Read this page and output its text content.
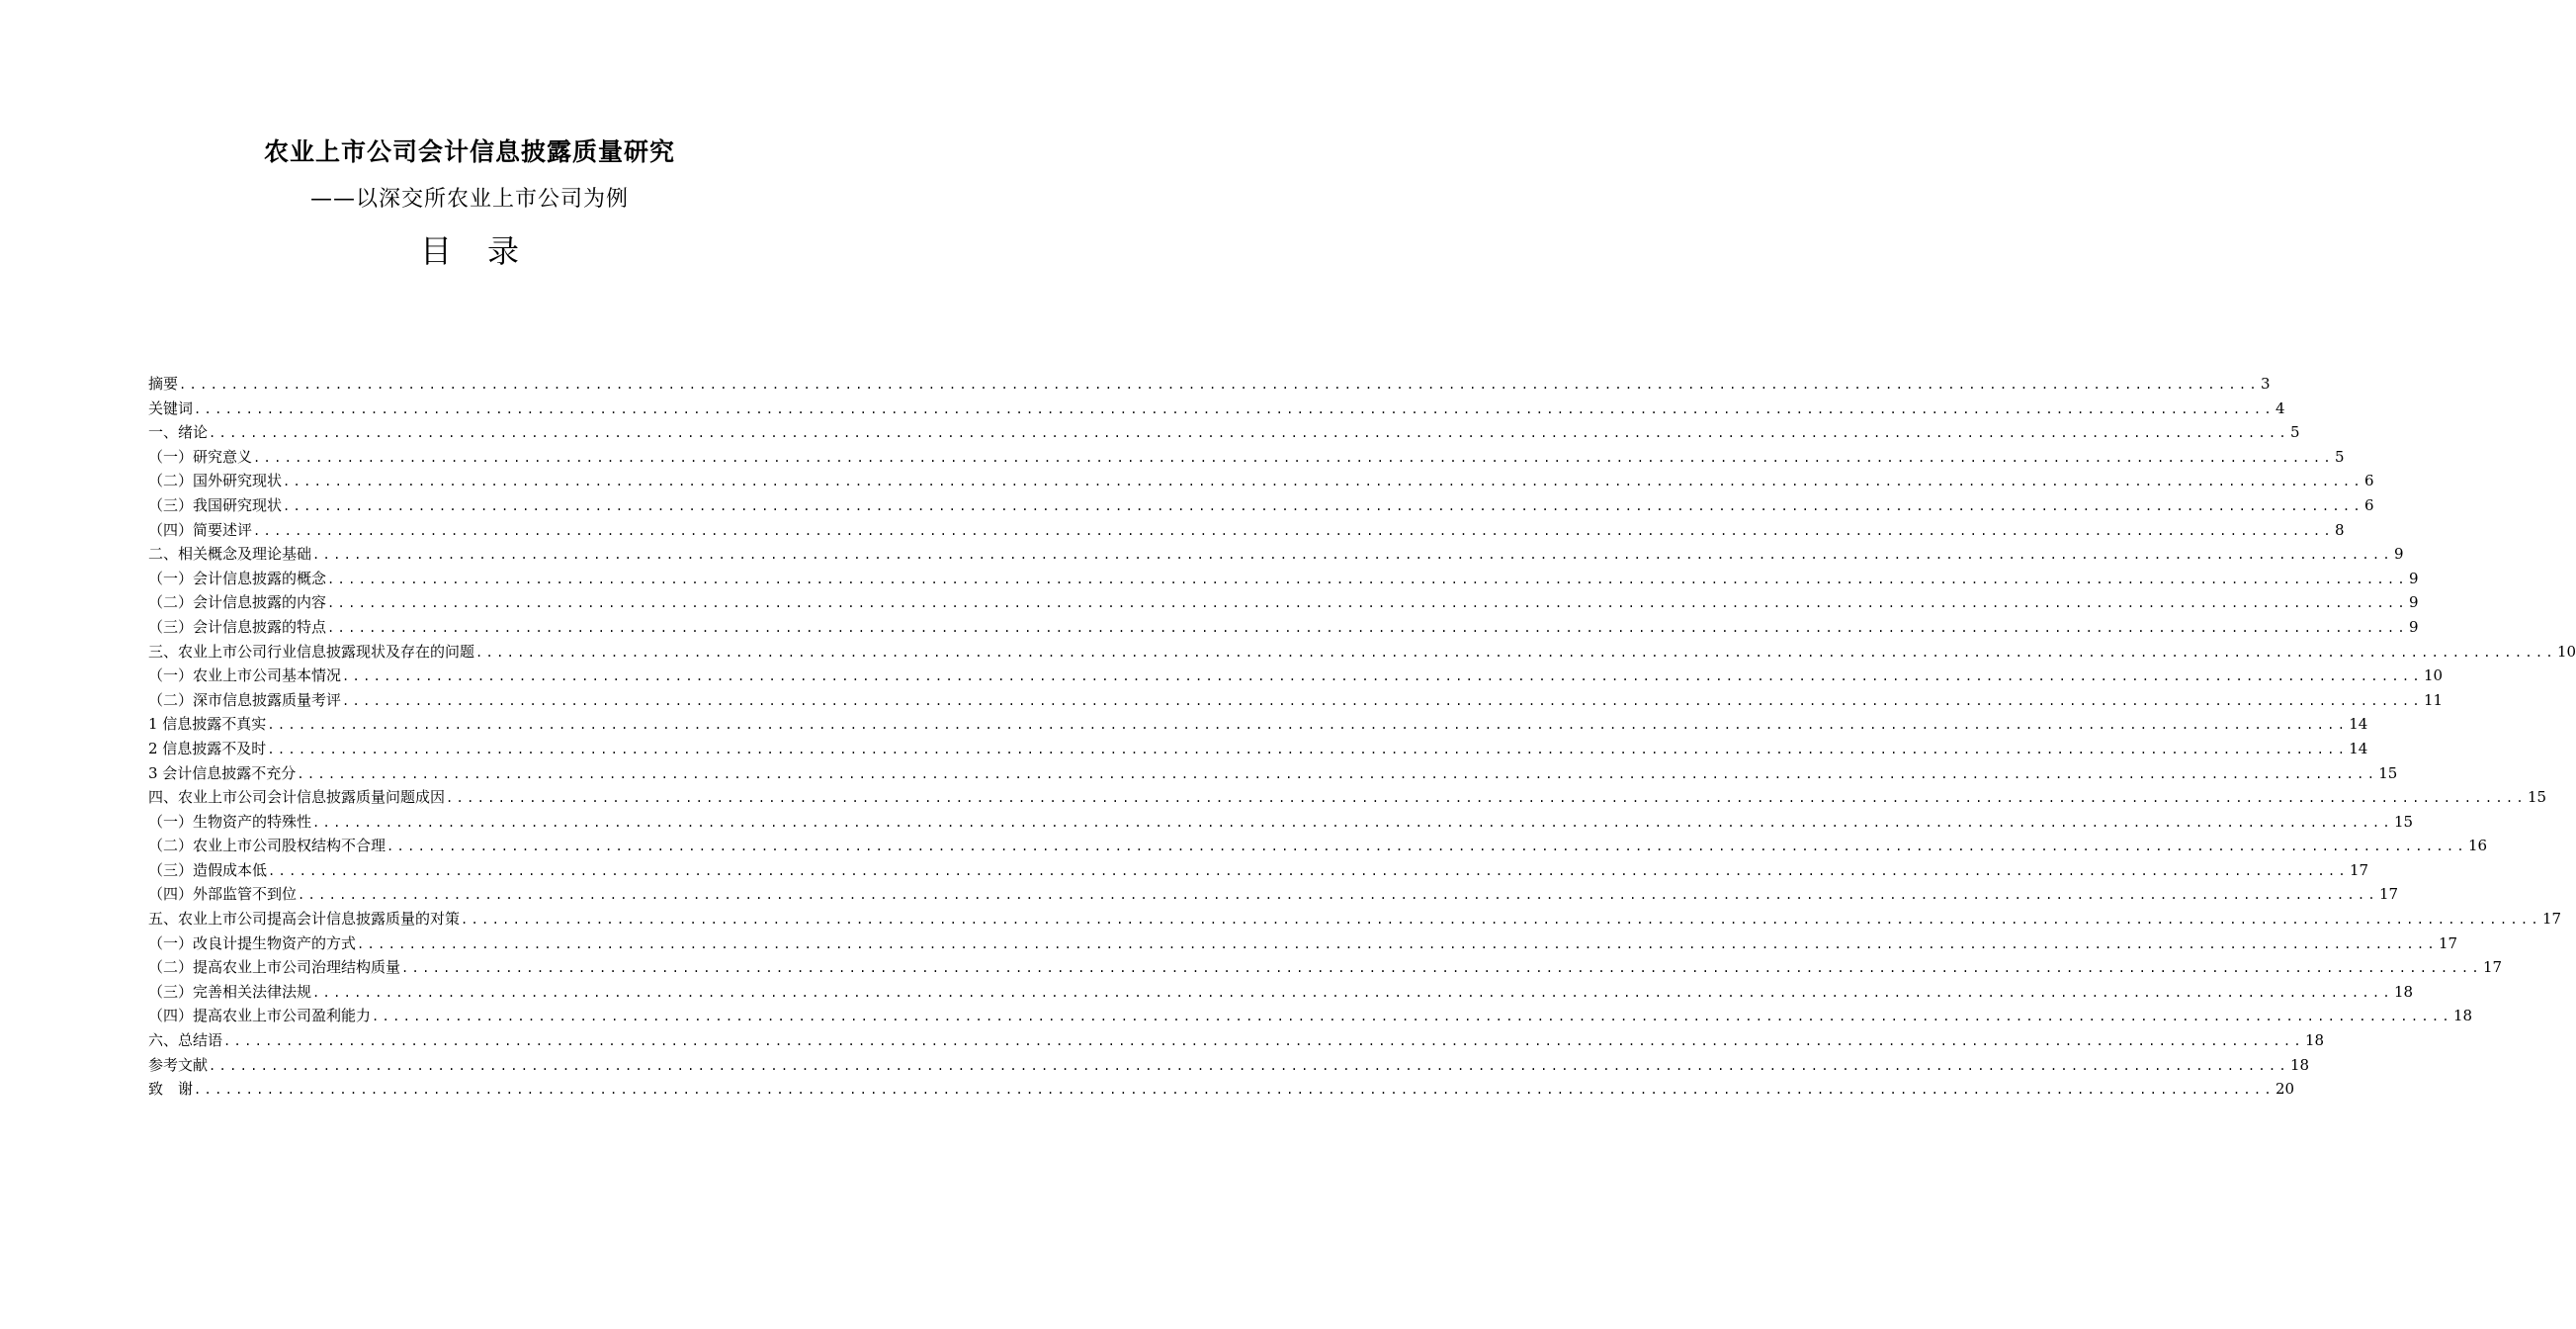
农业上市公司会计信息披露质量研究
——以深交所农业上市公司为例
目录
摘要 ........................................................................................................................................................................................................ 3
关键词 ........................................................................................................................................................................................................ 4
一、绪论 ........................................................................................................................................................................................................ 5
（一）研究意义 ........................................................................................................................................................................................................ 5
（二）国外研究现状 ........................................................................................................................................................................................................ 6
（三）我国研究现状 ........................................................................................................................................................................................................ 6
（四）简要述评 ........................................................................................................................................................................................................ 8
二、相关概念及理论基础 ........................................................................................................................................................................................................ 9
（一）会计信息披露的概念 ........................................................................................................................................................................................................ 9
（二）会计信息披露的内容 ........................................................................................................................................................................................................ 9
（三）会计信息披露的特点 ........................................................................................................................................................................................................ 9
三、农业上市公司行业信息披露现状及存在的问题 ........................................................................................................................................................................................................ 10
（一）农业上市公司基本情况 ........................................................................................................................................................................................................ 10
（二）深市信息披露质量考评 ........................................................................................................................................................................................................ 11
1 信息披露不真实 ........................................................................................................................................................................................................ 14
2 信息披露不及时 ........................................................................................................................................................................................................ 14
3 会计信息披露不充分 ........................................................................................................................................................................................................ 15
四、农业上市公司会计信息披露质量问题成因 ........................................................................................................................................................................................................ 15
（一）生物资产的特殊性 ........................................................................................................................................................................................................ 15
（二）农业上市公司股权结构不合理 ........................................................................................................................................................................................................ 16
（三）造假成本低 ........................................................................................................................................................................................................ 17
（四）外部监管不到位 ........................................................................................................................................................................................................ 17
五、农业上市公司提高会计信息披露质量的对策 ........................................................................................................................................................................................................ 17
（一）改良计提生物资产的方式 ........................................................................................................................................................................................................ 17
（二）提高农业上市公司治理结构质量 ........................................................................................................................................................................................................ 17
（三）完善相关法律法规 ........................................................................................................................................................................................................ 18
（四）提高农业上市公司盈利能力 ........................................................................................................................................................................................................ 18
六、总结语 ........................................................................................................................................................................................................ 18
参考文献 ........................................................................................................................................................................................................ 18
致　谢 ........................................................................................................................................................................................................ 20
